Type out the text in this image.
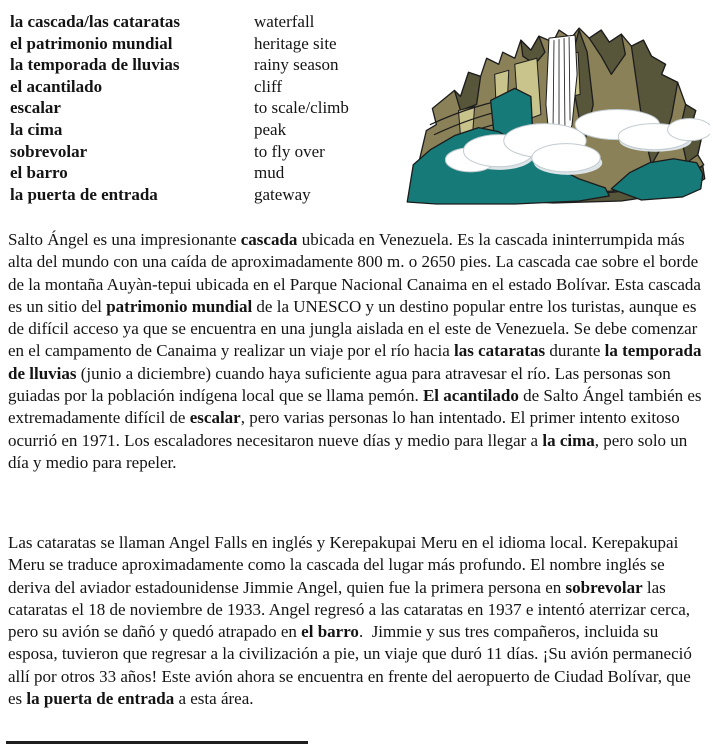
la cascada/las cataratas	waterfall
el patrimonio mundial	heritage site
la temporada de lluvias	rainy season
el acantilado	cliff
escalar	to scale/climb
la cima	peak
sobrevolar	to fly over
el barro	mud
la puerta de entrada	gateway

Salto Ángel es una impresionante cascada ubicada en Venezuela. Es la cascada ininterrumpida más alta del mundo con una caída de aproximadamente 800 m. o 2650 pies. La cascada cae sobre el borde de la montaña Auyàn-tepui ubicada en el Parque Nacional Canaima en el estado Bolívar. Esta cascada es un sitio del patrimonio mundial de la UNESCO y un destino popular entre los turistas, aunque es de difícil acceso ya que se encuentra en una jungla aislada en el este de Venezuela. Se debe comenzar en el campamento de Canaima y realizar un viaje por el río hacia las cataratas durante la temporada de lluvias (junio a diciembre) cuando haya suficiente agua para atravesar el río. Las personas son guiadas por la población indígena local que se llama pemón. El acantilado de Salto Ángel también es extremadamente difícil de escalar, pero varias personas lo han intentado. El primer intento exitoso ocurrió en 1971. Los escaladores necesitaron nueve días y medio para llegar a la cima, pero solo un día y medio para repeler.

Las cataratas se llaman Angel Falls en inglés y Kerepakupai Meru en el idioma local. Kerepakupai Meru se traduce aproximadamente como la cascada del lugar más profundo. El nombre inglés se deriva del aviador estadounidense Jimmie Angel, quien fue la primera persona en sobrevolar las cataratas el 18 de noviembre de 1933. Angel regresó a las cataratas en 1937 e intentó aterrizar cerca, pero su avión se dañó y quedó atrapado en el barro.  Jimmie y sus tres compañeros, incluida su esposa, tuvieron que regresar a la civilización a pie, un viaje que duró 11 días. ¡Su avión permaneció allí por otros 33 años! Este avión ahora se encuentra en frente del aeropuerto de Ciudad Bolívar, que es la puerta de entrada a esta área.
